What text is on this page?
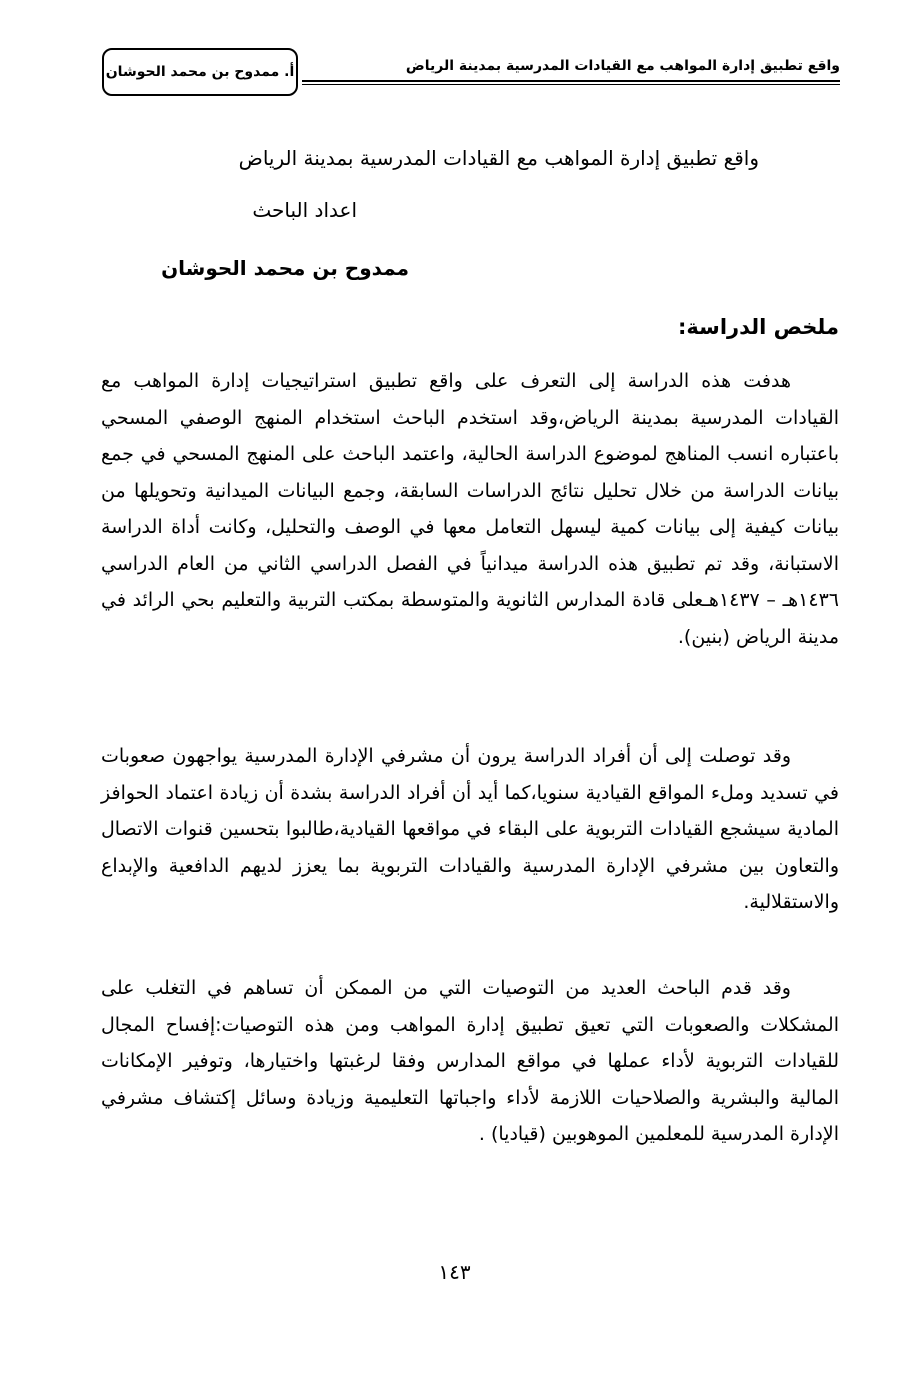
واقع تطبيق إدارة المواهب مع القيادات المدرسية بمدينة الرياض
أ. ممدوح بن محمد الحوشان
واقع تطبيق إدارة المواهب مع القيادات المدرسية بمدينة الرياض
اعداد الباحث
ممدوح بن محمد الحوشان
ملخص الدراسة:

هدفت هذه الدراسة إلى التعرف على واقع تطبيق استراتيجيات إدارة المواهب مع القيادات المدرسية بمدينة الرياض،وقد استخدم الباحث استخدام المنهج الوصفي المسحي باعتباره انسب المناهج لموضوع الدراسة الحالية، واعتمد الباحث على المنهج المسحي في جمع بيانات الدراسة من خلال تحليل نتائج الدراسات السابقة، وجمع البيانات الميدانية وتحويلها من بيانات كيفية إلى بيانات كمية ليسهل التعامل معها في الوصف والتحليل، وكانت أداة الدراسة الاستبانة، وقد تم تطبيق هذه الدراسة ميدانياً في الفصل الدراسي الثاني من العام الدراسي ١٤٣٦هـ – ١٤٣٧هـعلى قادة المدارس الثانوية والمتوسطة بمكتب التربية والتعليم بحي الرائد في مدينة الرياض (بنين).

وقد توصلت إلى أن أفراد الدراسة يرون أن مشرفي الإدارة المدرسية يواجهون صعوبات في تسديد وملء المواقع القيادية سنويا،كما أيد أن أفراد الدراسة بشدة أن زيادة اعتماد الحوافز المادية سيشجع القيادات التربوية على البقاء في مواقعها القيادية،طالبوا بتحسين قنوات الاتصال والتعاون بين مشرفي الإدارة المدرسية والقيادات التربوية بما يعزز لديهم الدافعية والإبداع والاستقلالية.

وقد قدم الباحث العديد من التوصيات التي من الممكن أن تساهم في التغلب على المشكلات والصعوبات التي تعيق تطبيق إدارة المواهب ومن هذه التوصيات:إفساح المجال للقيادات التربوية لأداء عملها في مواقع المدارس وفقا لرغبتها واختيارها، وتوفير الإمكانات المالية والبشرية والصلاحيات اللازمة لأداء واجباتها التعليمية وزيادة وسائل إكتشاف مشرفي الإدارة المدرسية للمعلمين الموهوبين (قياديا) .

١٤٣
